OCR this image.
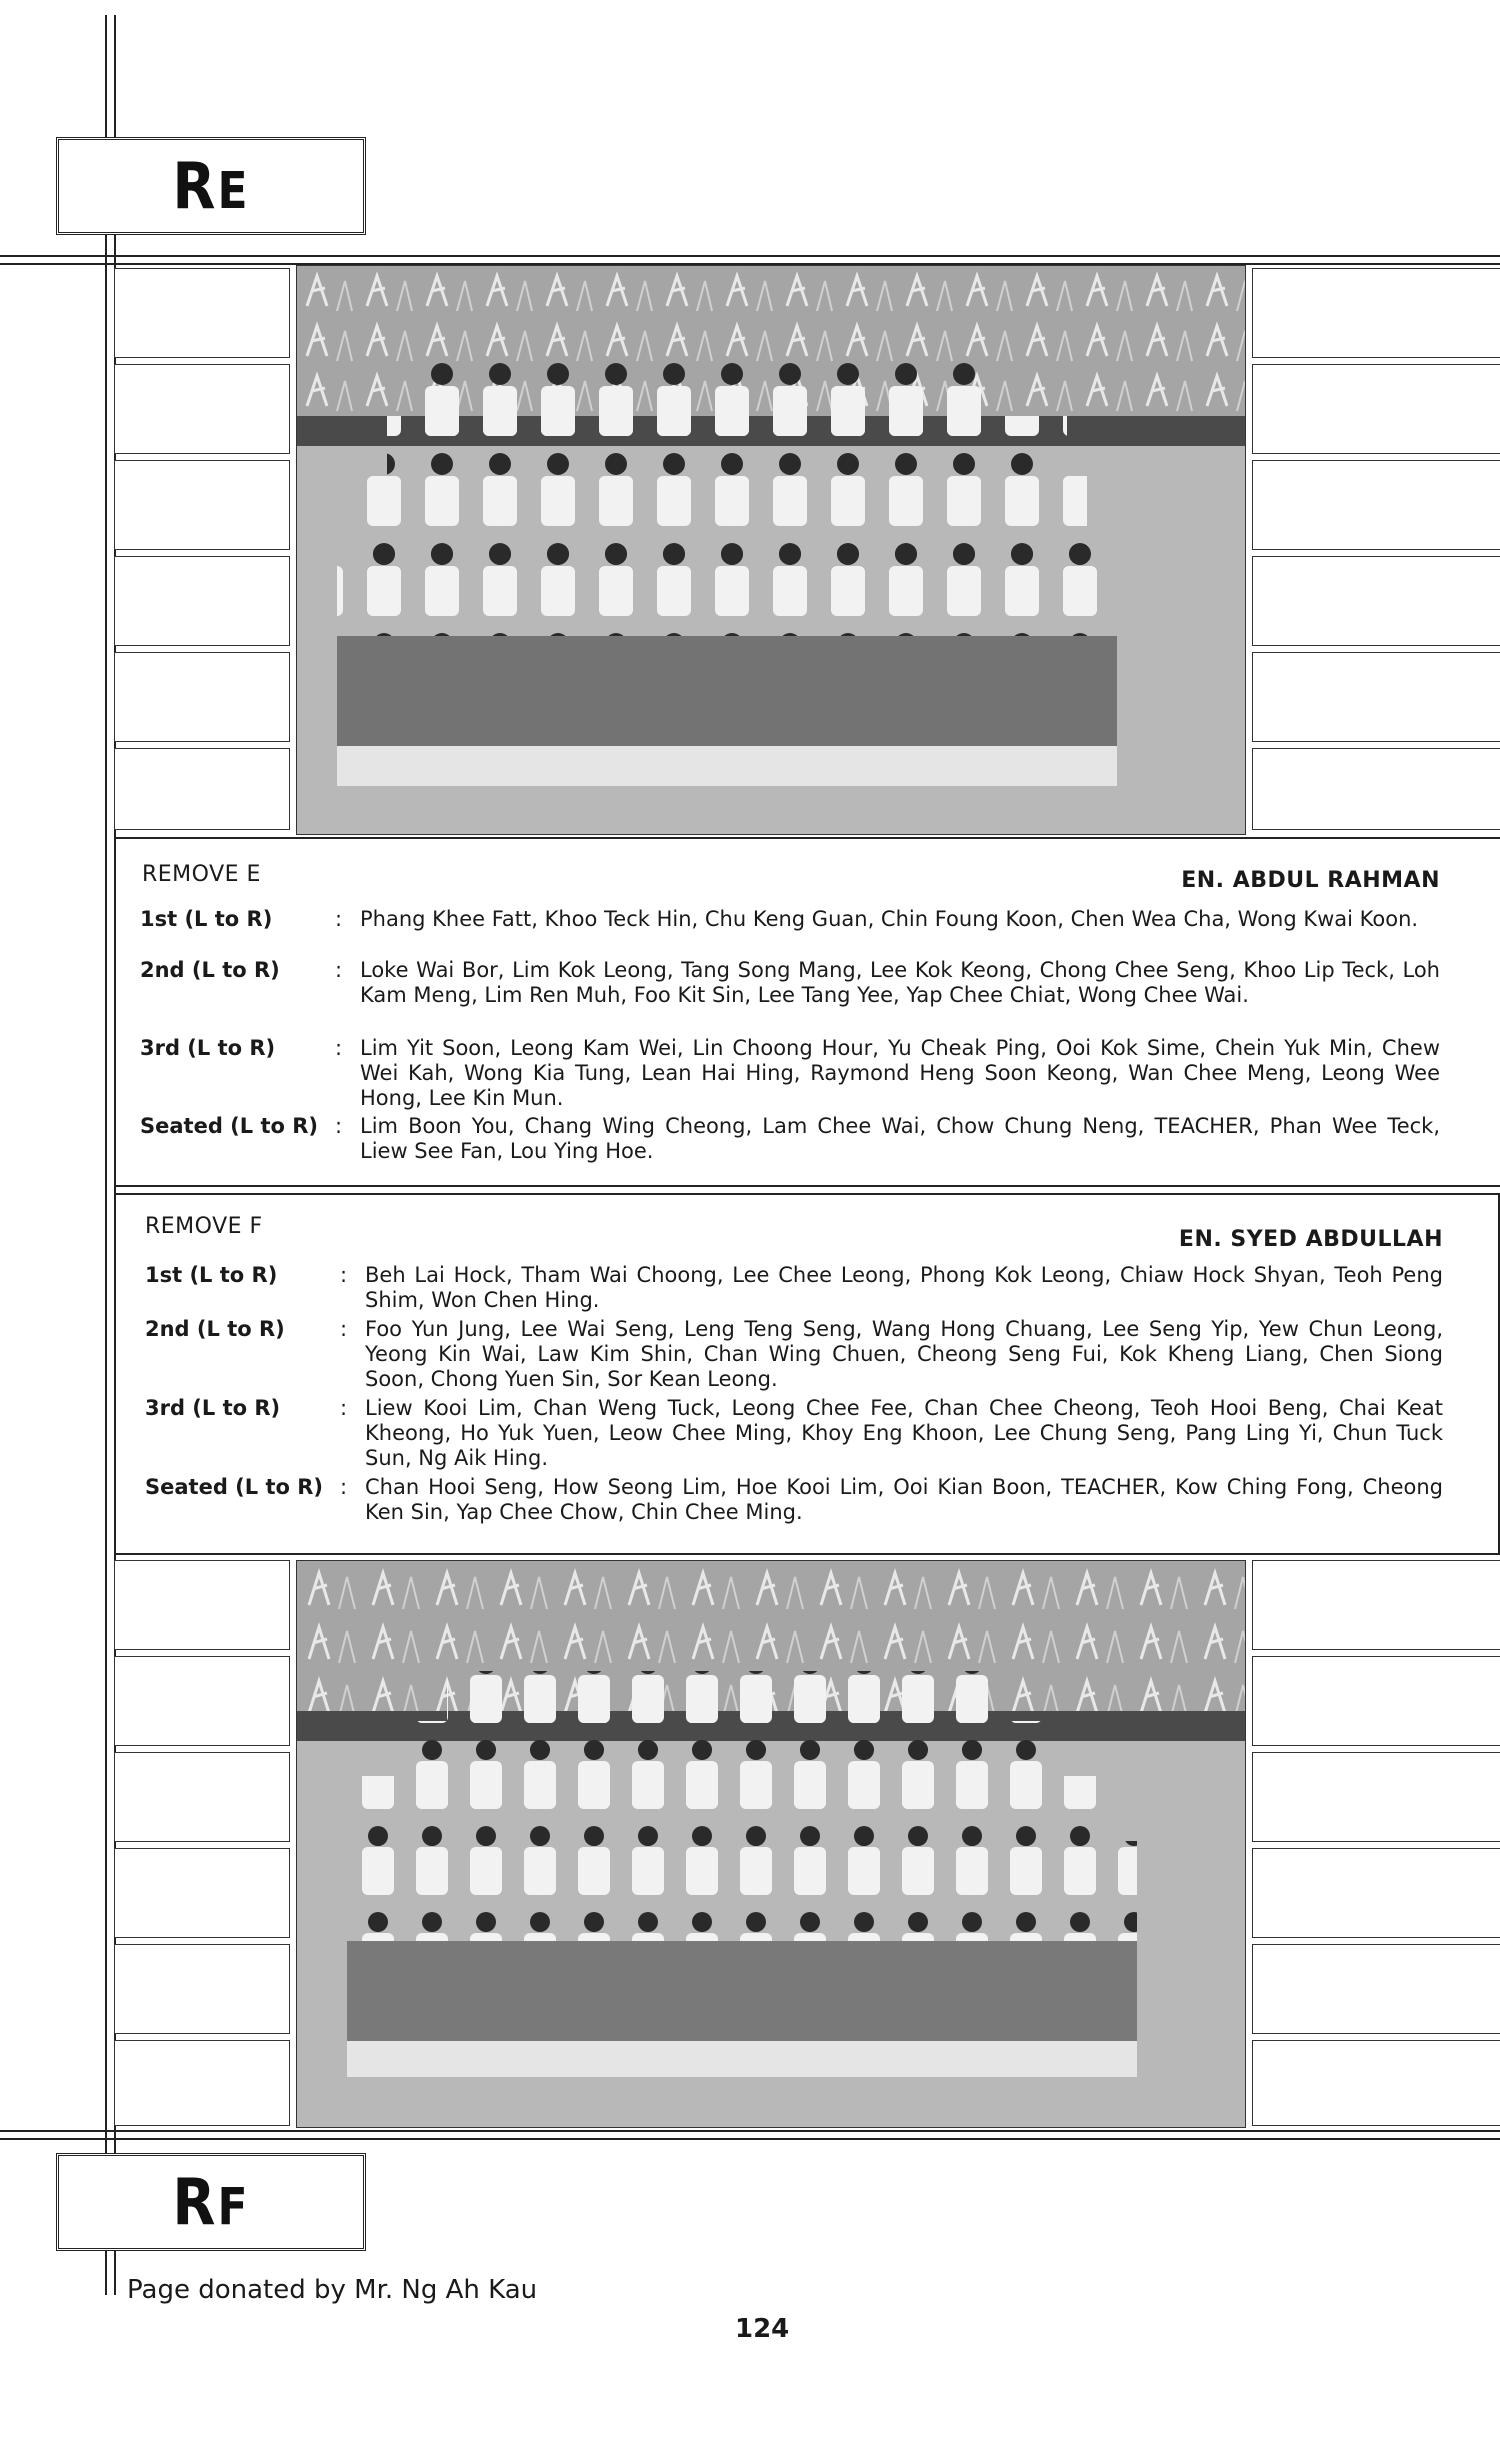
RE
REMOVE E	EN. ABDUL RAHMAN
1st (L to R)	: Phang Khee Fatt, Khoo Teck Hin, Chu Keng Guan, Chin Foung Koon, Chen Wea Cha, Wong Kwai Koon.
2nd (L to R)	: Loke Wai Bor, Lim Kok Leong, Tang Song Mang, Lee Kok Keong, Chong Chee Seng, Khoo Lip Teck, Loh Kam Meng, Lim Ren Muh, Foo Kit Sin, Lee Tang Yee, Yap Chee Chiat, Wong Chee Wai.
3rd (L to R)	: Lim Yit Soon, Leong Kam Wei, Lin Choong Hour, Yu Cheak Ping, Ooi Kok Sime, Chein Yuk Min, Chew Wei Kah, Wong Kia Tung, Lean Hai Hing, Raymond Heng Soon Keong, Wan Chee Meng, Leong Wee Hong, Lee Kin Mun.
Seated (L to R) : Lim Boon You, Chang Wing Cheong, Lam Chee Wai, Chow Chung Neng, TEACHER, Phan Wee Teck, Liew See Fan, Lou Ying Hoe.
REMOVE F
EN. SYED ABDULLAH
1st (L to R)	: Beh Lai Hock, Tham Wai Choong, Lee Chee Leong, Phong Kok Leong, Chiaw Hock Shyan, Teoh Peng Shim, Won Chen Hing.
2nd (L to R)	: Foo Yun Jung, Lee Wai Seng, Leng Teng Seng, Wang Hong Chuang, Lee Seng Yip, Yew Chun Leong, Yeong Kin Wai, Law Kim Shin, Chan Wing Chuen, Cheong Seng Fui, Kok Kheng Liang, Chen Siong Soon, Chong Yuen Sin, Sor Kean Leong.
3rd (L to R)	: Liew Kooi Lim, Chan Weng Tuck, Leong Chee Fee, Chan Chee Cheong, Teoh Hooi Beng, Chai Keat Kheong, Ho Yuk Yuen, Leow Chee Ming, Khoy Eng Khoon, Lee Chung Seng, Pang Ling Yi, Chun Tuck Sun, Ng Aik Hing.
Seated (L to R) : Chan Hooi Seng, How Seong Lim, Hoe Kooi Lim, Ooi Kian Boon, TEACHER, Kow Ching Fong, Cheong Ken Sin, Yap Chee Chow, Chin Chee Ming.
RF
Page donated by Mr. Ng Ah Kau
124
